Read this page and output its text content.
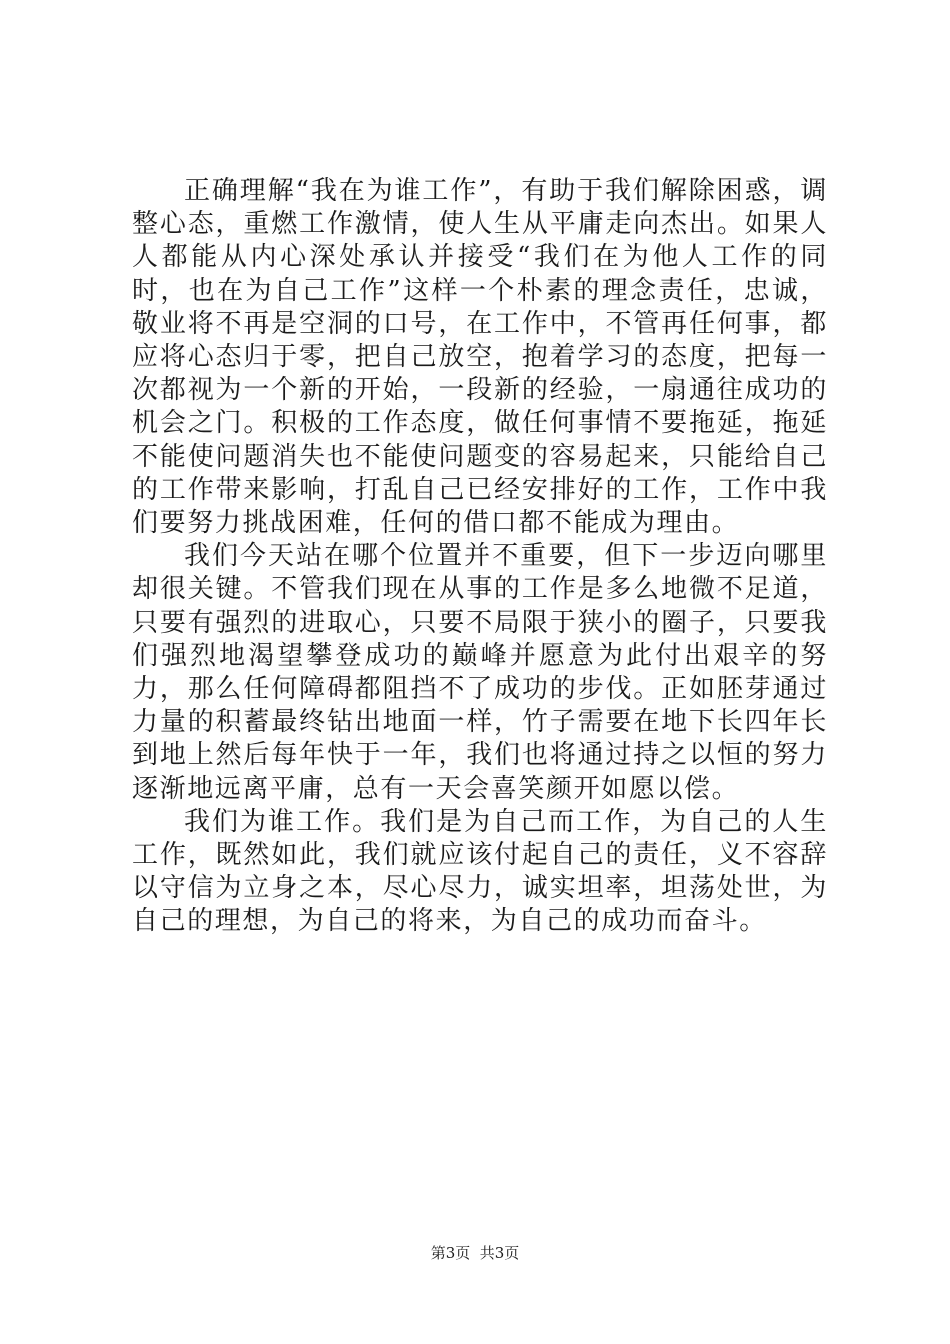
正确理解“我在为谁工作”，有助于我们解除困惑，调整心态，重燃工作激情，使人生从平庸走向杰出。如果人人都能从内心深处承认并接受“我们在为他人工作的同时，也在为自己工作”这样一个朴素的理念责任，忠诚，敬业将不再是空洞的口号，在工作中，不管再任何事，都应将心态归于零，把自己放空，抱着学习的态度，把每一次都视为一个新的开始，一段新的经验，一扇通往成功的机会之门。积极的工作态度，做任何事情不要拖延，拖延不能使问题消失也不能使问题变的容易起来，只能给自己的工作带来影响，打乱自己已经安排好的工作，工作中我们要努力挑战困难，任何的借口都不能成为理由。

我们今天站在哪个位置并不重要，但下一步迈向哪里却很关键。不管我们现在从事的工作是多么地微不足道，只要有强烈的进取心，只要不局限于狭小的圈子，只要我们强烈地渴望攀登成功的巅峰并愿意为此付出艰辛的努力，那么任何障碍都阻挡不了成功的步伐。正如胚芽通过力量的积蓄最终钻出地面一样，竹子需要在地下长四年长到地上然后每年快于一年，我们也将通过持之以恒的努力逐渐地远离平庸，总有一天会喜笑颜开如愿以偿。

我们为谁工作。我们是为自己而工作，为自己的人生工作，既然如此，我们就应该付起自己的责任，义不容辞以守信为立身之本，尽心尽力，诚实坦率，坦荡处世，为自己的理想，为自己的将来，为自己的成功而奋斗。

第3页  共3页
